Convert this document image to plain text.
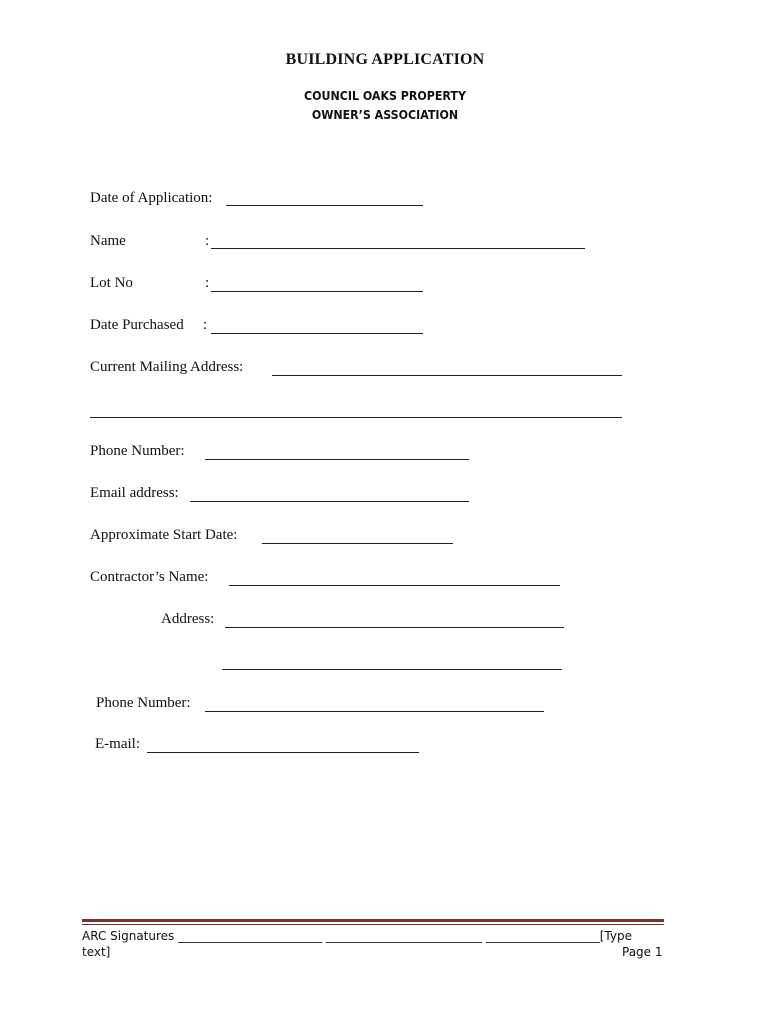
BUILDING APPLICATION
COUNCIL OAKS PROPERTY
OWNER’S ASSOCIATION
Date of Application:
Name	:
Lot No	:
Date Purchased :
Current Mailing Address:
Phone Number:
Email address:
Approximate Start Date:
Contractor’s Name:
Address:
Phone Number:
E-mail:
ARC Signatures ________________________ __________________________ ___________________[Type
text]	Page 1
